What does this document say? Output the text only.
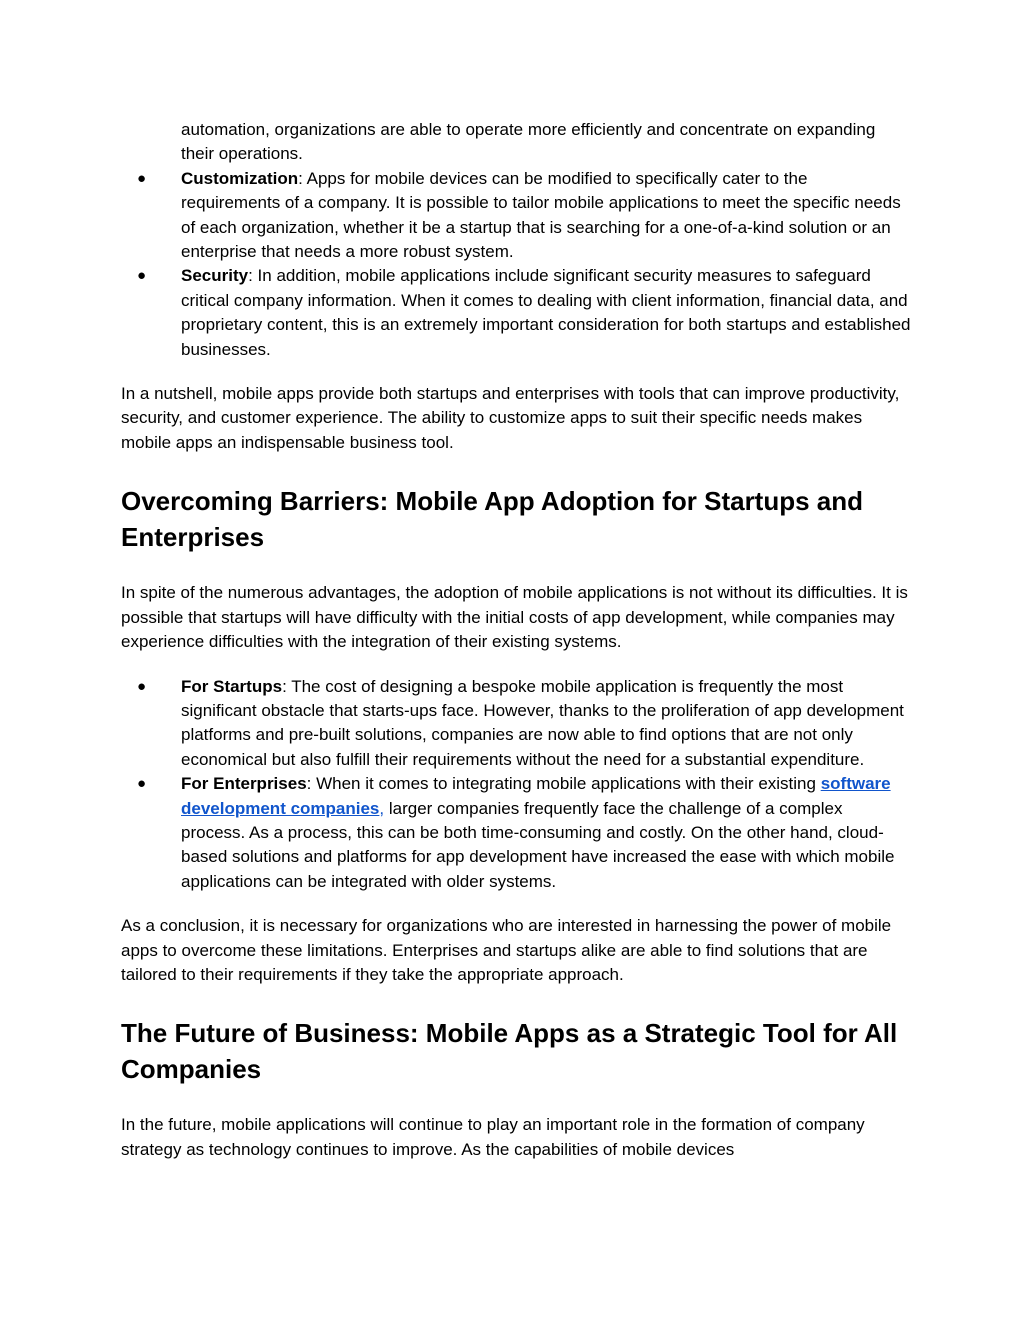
automation, organizations are able to operate more efficiently and concentrate on expanding their operations.
● Customization: Apps for mobile devices can be modified to specifically cater to the requirements of a company. It is possible to tailor mobile applications to meet the specific needs of each organization, whether it be a startup that is searching for a one-of-a-kind solution or an enterprise that needs a more robust system.
● Security: In addition, mobile applications include significant security measures to safeguard critical company information. When it comes to dealing with client information, financial data, and proprietary content, this is an extremely important consideration for both startups and established businesses.

In a nutshell, mobile apps provide both startups and enterprises with tools that can improve productivity, security, and customer experience. The ability to customize apps to suit their specific needs makes mobile apps an indispensable business tool.

Overcoming Barriers: Mobile App Adoption for Startups and Enterprises

In spite of the numerous advantages, the adoption of mobile applications is not without its difficulties. It is possible that startups will have difficulty with the initial costs of app development, while companies may experience difficulties with the integration of their existing systems.

● For Startups: The cost of designing a bespoke mobile application is frequently the most significant obstacle that starts-ups face. However, thanks to the proliferation of app development platforms and pre-built solutions, companies are now able to find options that are not only economical but also fulfill their requirements without the need for a substantial expenditure.
● For Enterprises: When it comes to integrating mobile applications with their existing software development companies, larger companies frequently face the challenge of a complex process. As a process, this can be both time-consuming and costly. On the other hand, cloud-based solutions and platforms for app development have increased the ease with which mobile applications can be integrated with older systems.

As a conclusion, it is necessary for organizations who are interested in harnessing the power of mobile apps to overcome these limitations. Enterprises and startups alike are able to find solutions that are tailored to their requirements if they take the appropriate approach.

The Future of Business: Mobile Apps as a Strategic Tool for All Companies

In the future, mobile applications will continue to play an important role in the formation of company strategy as technology continues to improve. As the capabilities of mobile devices
